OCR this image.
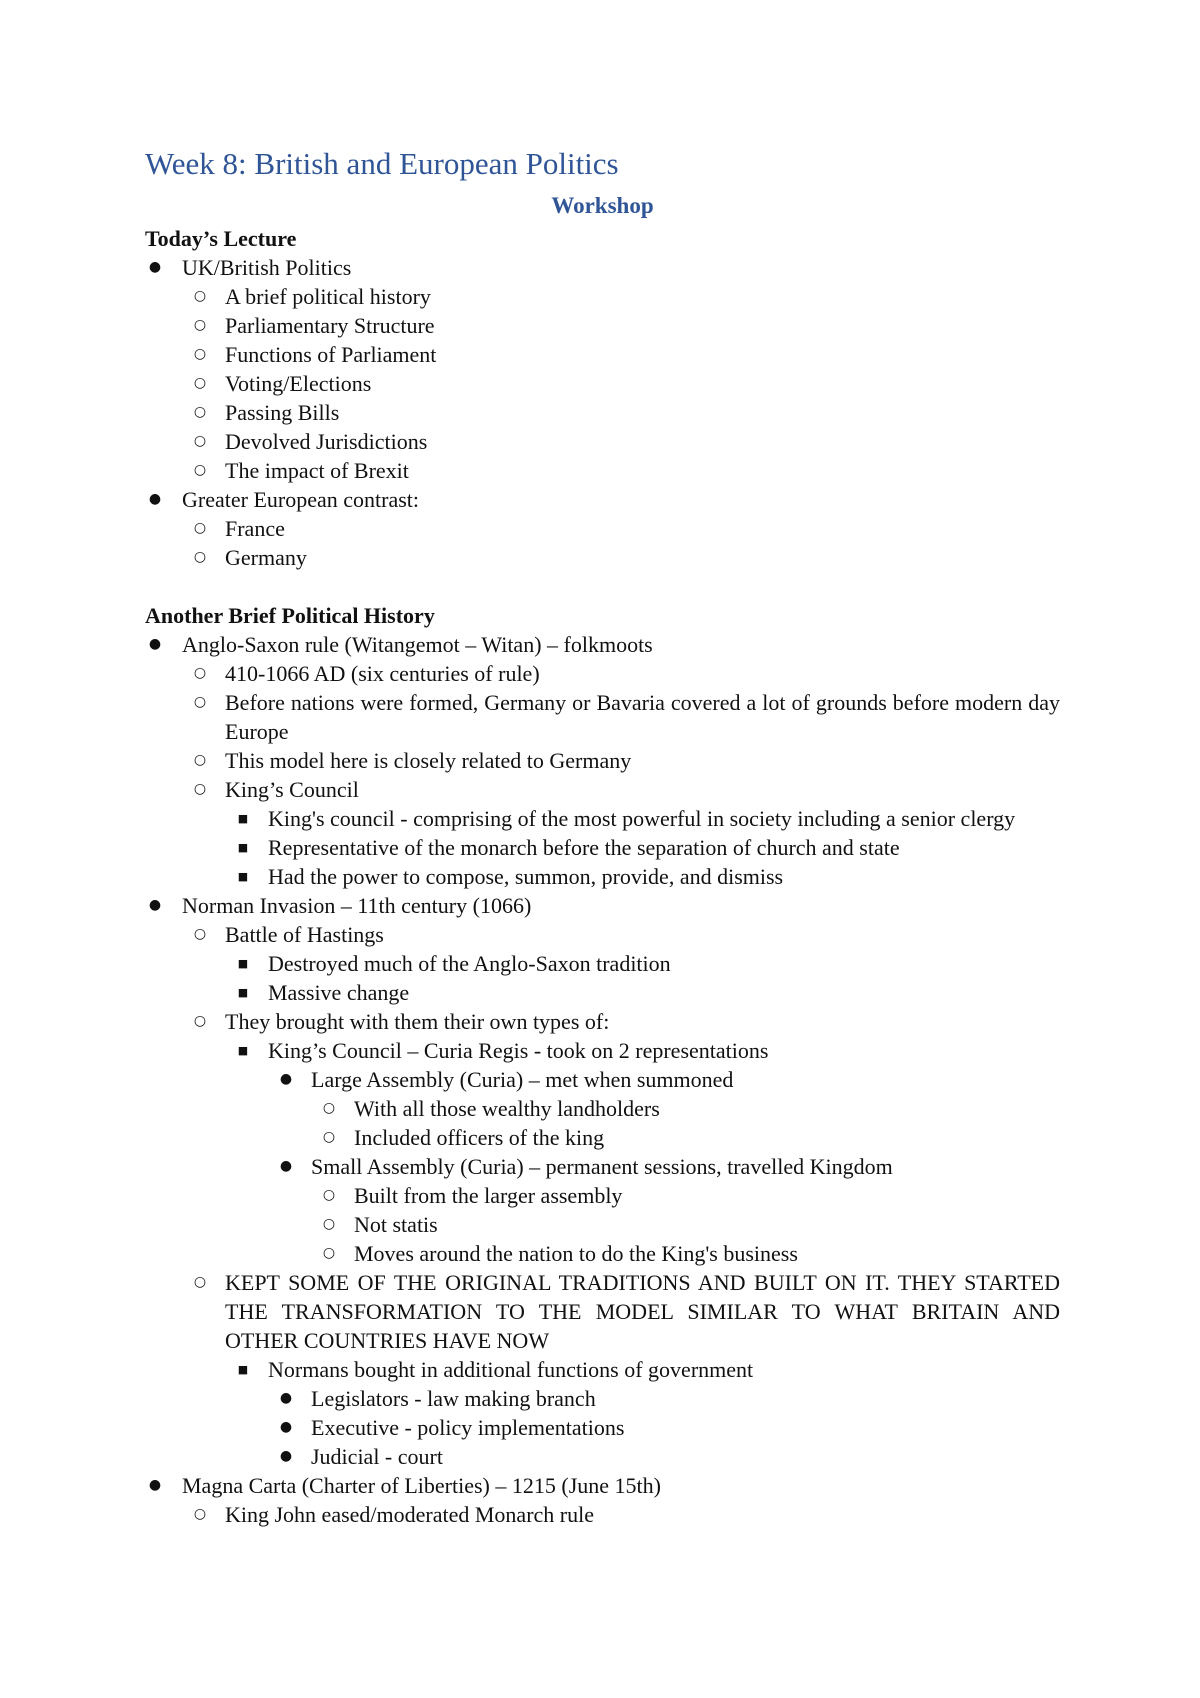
Week 8: British and European Politics

Workshop

Today’s Lecture

● UK/British Politics
○ A brief political history
○ Parliamentary Structure
○ Functions of Parliament
○ Voting/Elections
○ Passing Bills
○ Devolved Jurisdictions
○ The impact of Brexit
● Greater European contrast:
○ France
○ Germany

Another Brief Political History

● Anglo-Saxon rule (Witangemot – Witan) – folkmoots
○ 410-1066 AD (six centuries of rule)
○ Before nations were formed, Germany or Bavaria covered a lot of grounds before modern day Europe
○ This model here is closely related to Germany
○ King’s Council
■ King's council - comprising of the most powerful in society including a senior clergy
■ Representative of the monarch before the separation of church and state
■ Had the power to compose, summon, provide, and dismiss
● Norman Invasion – 11th century (1066)
○ Battle of Hastings
■ Destroyed much of the Anglo-Saxon tradition
■ Massive change
○ They brought with them their own types of:
■ King’s Council – Curia Regis - took on 2 representations
● Large Assembly (Curia) – met when summoned
○ With all those wealthy landholders
○ Included officers of the king
● Small Assembly (Curia) – permanent sessions, travelled Kingdom
○ Built from the larger assembly
○ Not statis
○ Moves around the nation to do the King's business
○ KEPT SOME OF THE ORIGINAL TRADITIONS AND BUILT ON IT. THEY STARTED THE TRANSFORMATION TO THE MODEL SIMILAR TO WHAT BRITAIN AND OTHER COUNTRIES HAVE NOW
■ Normans bought in additional functions of government
● Legislators - law making branch
● Executive - policy implementations
● Judicial - court
● Magna Carta (Charter of Liberties) – 1215 (June 15th)
○ King John eased/moderated Monarch rule
